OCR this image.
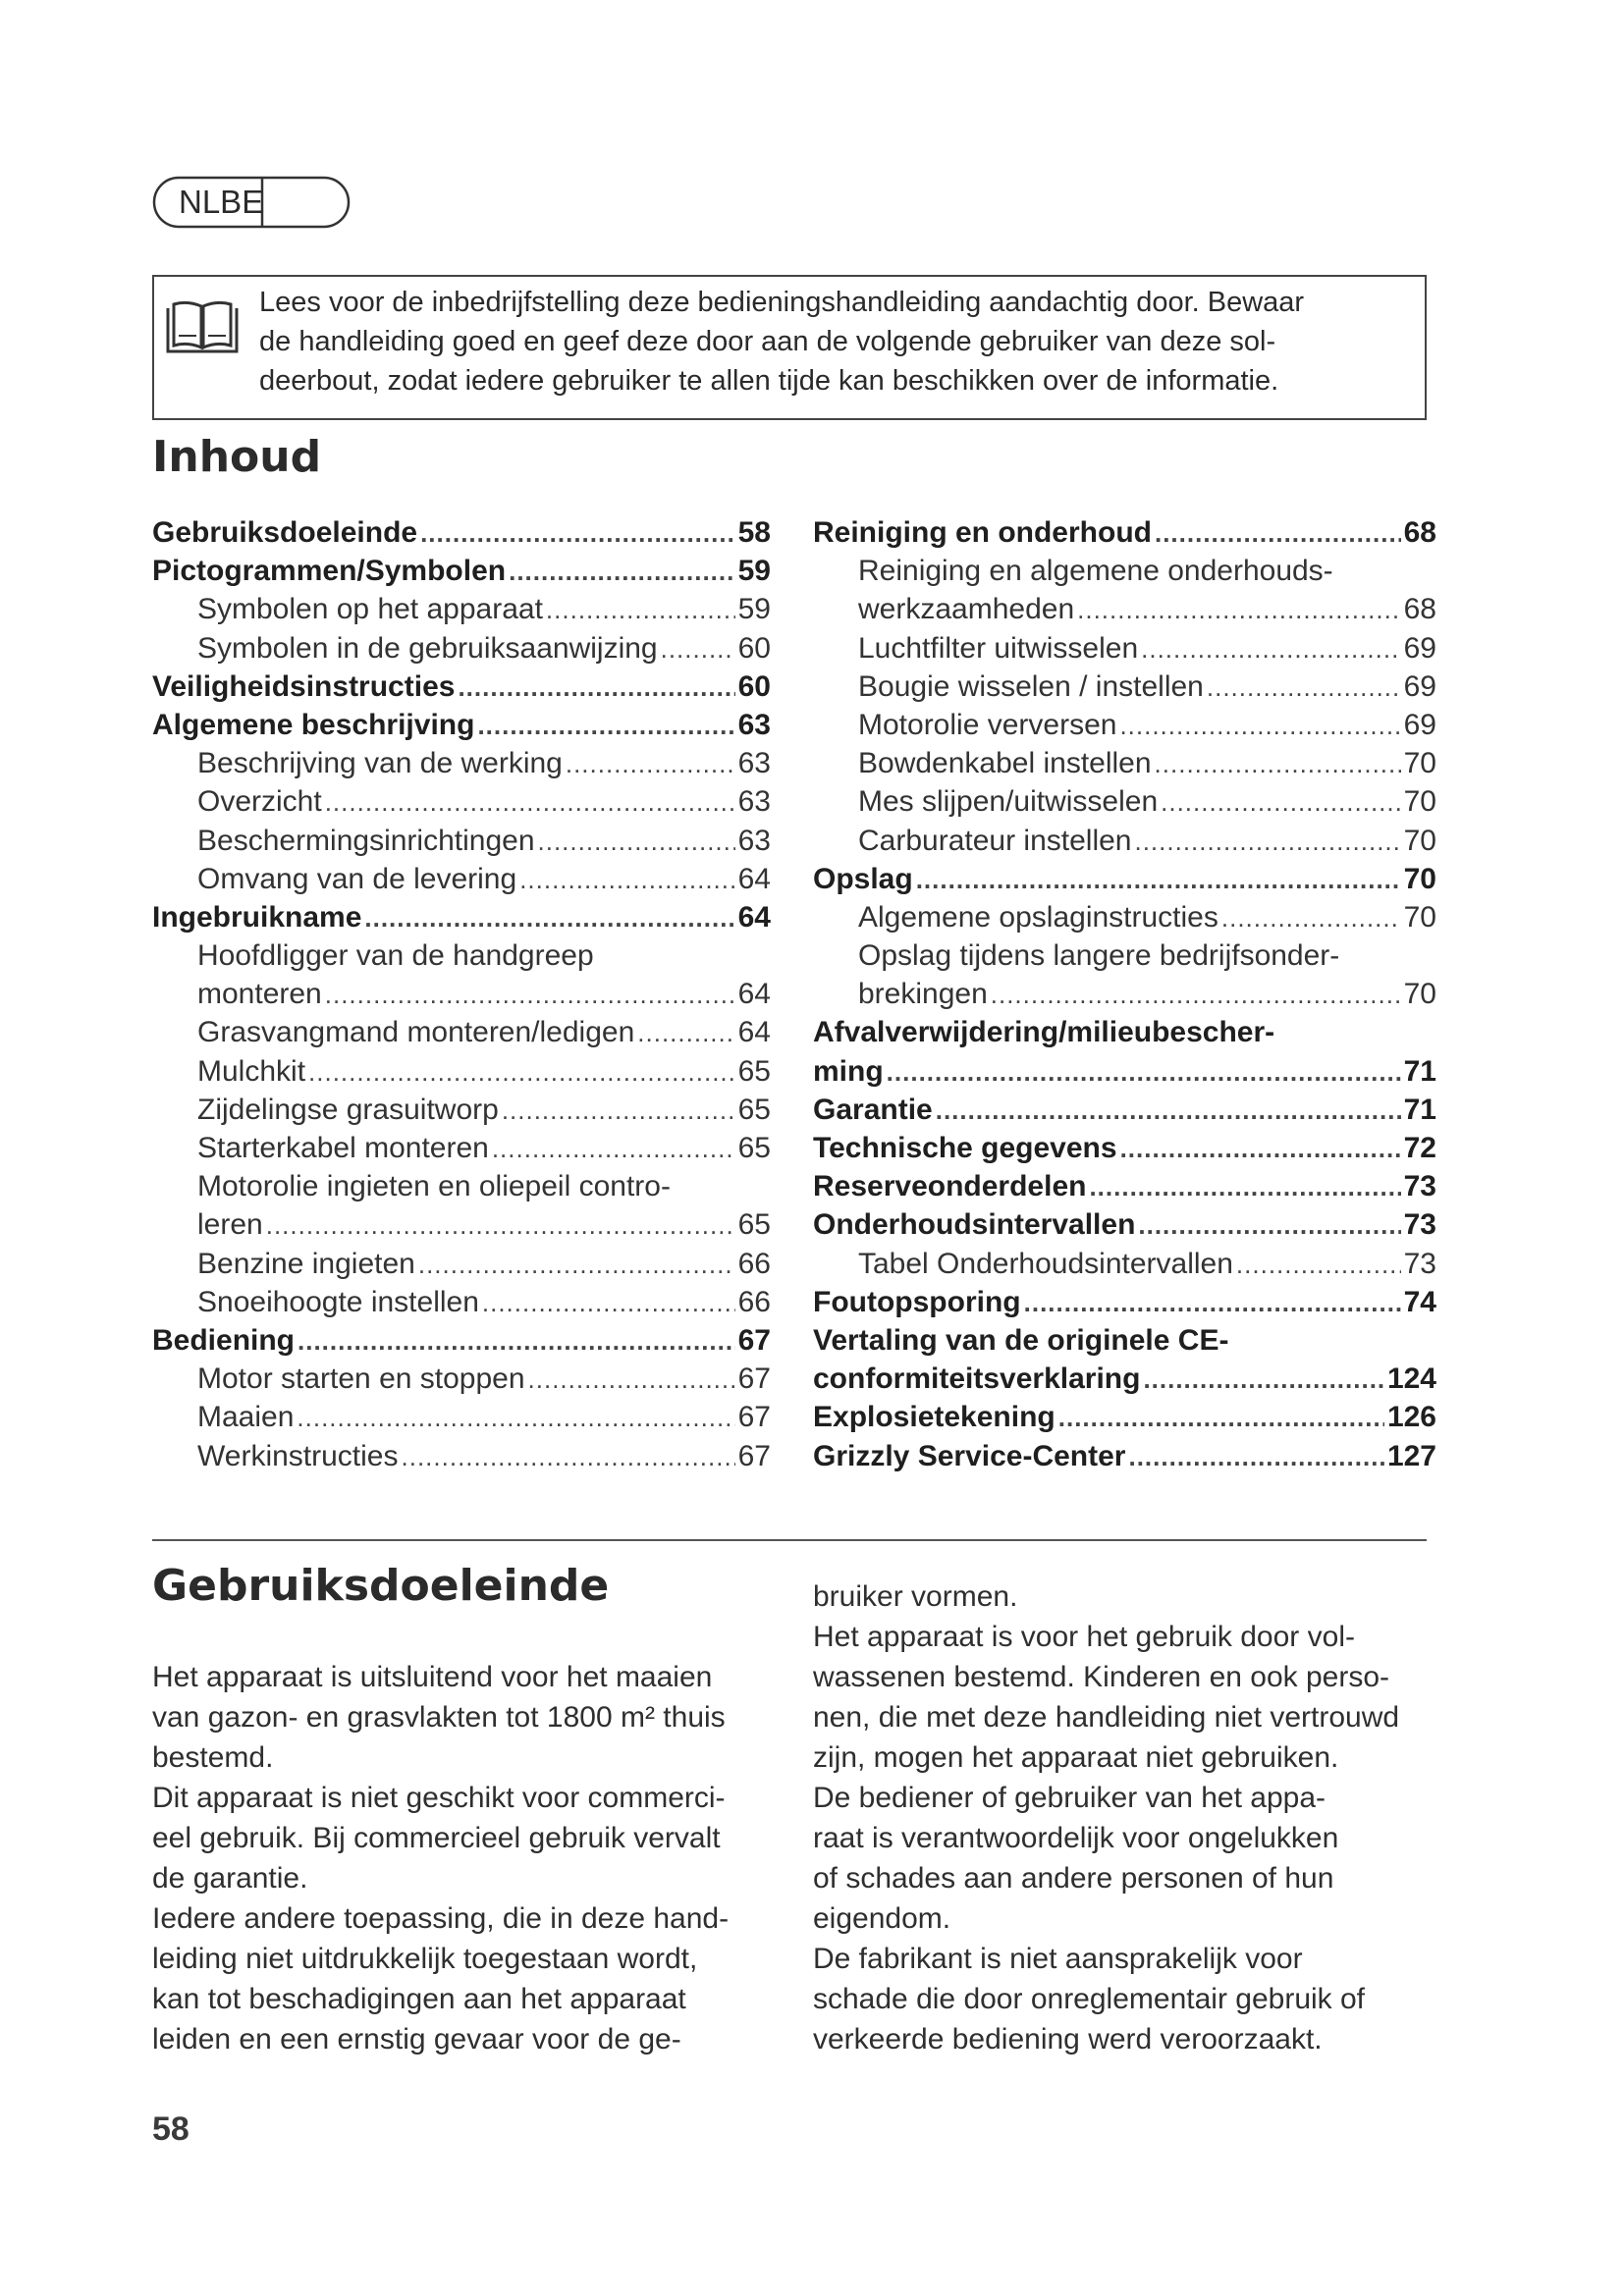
NLBE
Lees voor de inbedrijfstelling deze bedieningshandleiding aandachtig door. Bewaar
de handleiding goed en geef deze door aan de volgende gebruiker van deze sol-
deerbout, zodat iedere gebruiker te allen tijde kan beschikken over de informatie.
Inhoud
Gebruiksdoeleinde .....	58
Pictogrammen/Symbolen .....	59
Symbolen op het apparaat .....	59
Symbolen in de gebruiksaanwijzing .....	60
Veiligheidsinstructies .....	60
Algemene beschrijving .....	63
Beschrijving van de werking .....	63
Overzicht .....	63
Beschermingsinrichtingen .....	63
Omvang van de levering .....	64
Ingebruikname .....	64
Hoofdligger van de handgreep
monteren .....	64
Grasvangmand monteren/ledigen .....	64
Mulchkit .....	65
Zijdelingse grasuitworp .....	65
Starterkabel monteren .....	65
Motorolie ingieten en oliepeil contro-
leren .....	65
Benzine ingieten .....	66
Snoeihoogte instellen .....	66
Bediening .....	67
Motor starten en stoppen .....	67
Maaien .....	67
Werkinstructies .....	67
Reiniging en onderhoud .....	68
Reiniging en algemene onderhouds-
werkzaamheden .....	68
Luchtfilter uitwisselen .....	69
Bougie wisselen / instellen .....	69
Motorolie verversen .....	69
Bowdenkabel instellen .....	70
Mes slijpen/uitwisselen .....	70
Carburateur instellen .....	70
Opslag .....	70
Algemene opslaginstructies .....	70
Opslag tijdens langere bedrijfsonder-
brekingen .....	70
Afvalverwijdering/milieubescher-
ming .....	71
Garantie .....	71
Technische gegevens .....	72
Reserveonderdelen .....	73
Onderhoudsintervallen .....	73
Tabel Onderhoudsintervallen .....	73
Foutopsporing .....	74
Vertaling van de originele CE-
conformiteitsverklaring .....	124
Explosietekening .....	126
Grizzly Service-Center .....	127
Gebruiksdoeleinde
Het apparaat is uitsluitend voor het maaien
van gazon- en grasvlakten tot 1800 m² thuis
bestemd.
Dit apparaat is niet geschikt voor commerci-
eel gebruik. Bij commercieel gebruik vervalt
de garantie.
Iedere andere toepassing, die in deze hand-
leiding niet uitdrukkelijk toegestaan wordt,
kan tot beschadigingen aan het apparaat
leiden en een ernstig gevaar voor de ge-
bruiker vormen.
Het apparaat is voor het gebruik door vol-
wassenen bestemd. Kinderen en ook perso-
nen, die met deze handleiding niet vertrouwd
zijn, mogen het apparaat niet gebruiken.
De bediener of gebruiker van het appa-
raat is verantwoordelijk voor ongelukken
of schades aan andere personen of hun
eigendom.
De fabrikant is niet aansprakelijk voor
schade die door onreglementair gebruik of
verkeerde bediening werd veroorzaakt.
58
